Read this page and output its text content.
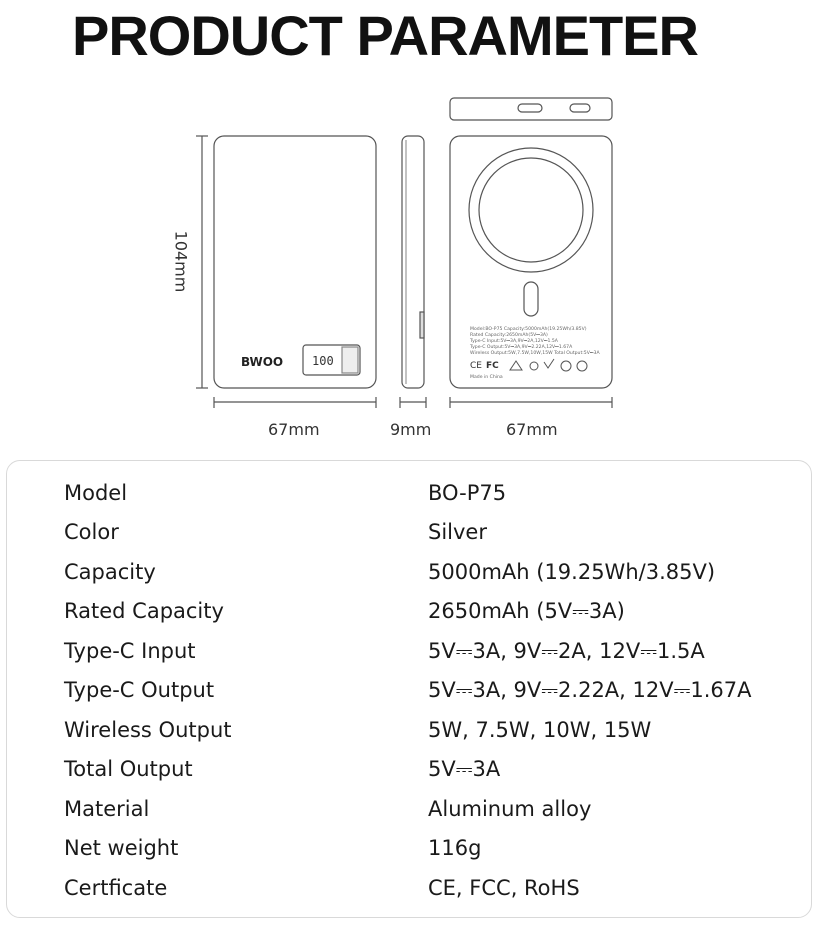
PRODUCT PARAMETER
BWOO 100
Model:BO-P75 Capacity:5000mAh(19.25Wh/3.85V)
Rated Capacity:2650mAh(5V⎓3A)
Type-C Input:5V⎓3A,9V⎓2A,12V⎓1.5A
Type-C Output:5V⎓3A,9V⎓2.22A,12V⎓1.67A
Wireless Output:5W,7.5W,10W,15W Total Output:5V⎓3A
Made in China
CE FC
104mm
67mm	9mm	67mm
Model	BO-P75
Color	Silver
Capacity	5000mAh (19.25Wh/3.85V)
Rated Capacity	2650mAh (5V⎓3A)
Type-C Input	5V⎓3A, 9V⎓2A, 12V⎓1.5A
Type-C Output	5V⎓3A, 9V⎓2.22A, 12V⎓1.67A
Wireless Output	5W, 7.5W, 10W, 15W
Total Output	5V⎓3A
Material	Aluminum alloy
Net weight	116g
Certficate	CE, FCC, RoHS
